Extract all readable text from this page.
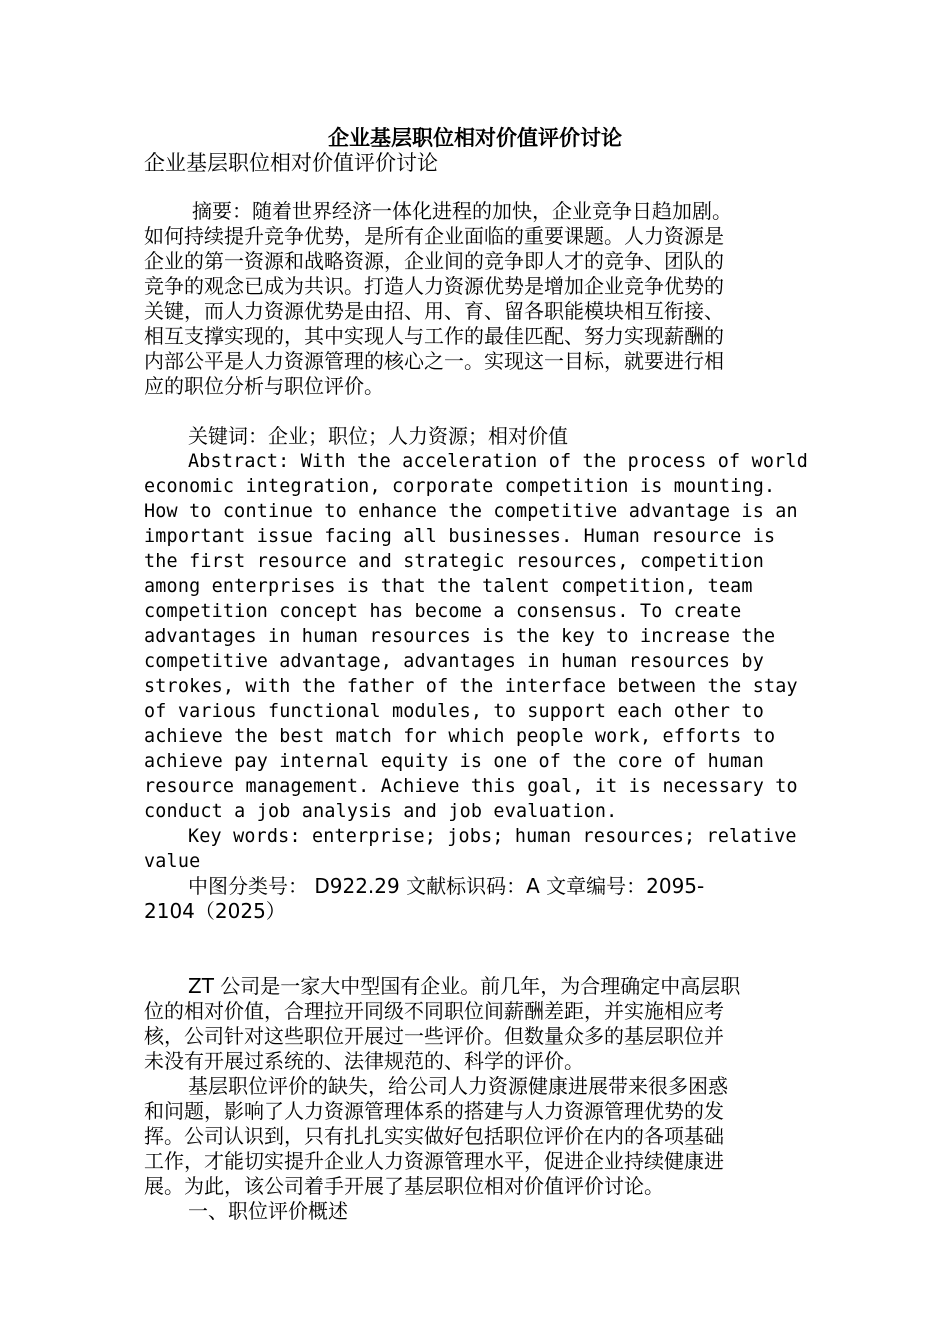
企业基层职位相对价值评价讨论
企业基层职位相对价值评价讨论
　摘要：随着世界经济一体化进程的加快，企业竞争日趋加剧。
如何持续提升竞争优势，是所有企业面临的重要课题。人力资源是
企业的第一资源和战略资源，企业间的竞争即人才的竞争、团队的
竞争的观念已成为共识。打造人力资源优势是增加企业竞争优势的
关键，而人力资源优势是由招、用、育、留各职能模块相互衔接、
相互支撑实现的，其中实现人与工作的最佳匹配、努力实现薪酬的
内部公平是人力资源管理的核心之一。实现这一目标，就要进行相
应的职位分析与职位评价。
关键词：企业；职位；人力资源；相对价值
Abstract: With the acceleration of the process of world
economic integration, corporate competition is mounting.
How to continue to enhance the competitive advantage is an
important issue facing all businesses. Human resource is
the first resource and strategic resources, competition
among enterprises is that the talent competition, team
competition concept has become a consensus. To create
advantages in human resources is the key to increase the
competitive advantage, advantages in human resources by
strokes, with the father of the interface between the stay
of various functional modules, to support each other to
achieve the best match for which people work, efforts to
achieve pay internal equity is one of the core of human
resource management. Achieve this goal, it is necessary to
conduct a job analysis and job evaluation.
Key words: enterprise; jobs; human resources; relative
value
中图分类号： D922.29 文献标识码：A 文章编号：2095-
2104（2025）
ZT 公司是一家大中型国有企业。前几年，为合理确定中高层职
位的相对价值，合理拉开同级不同职位间薪酬差距，并实施相应考
核，公司针对这些职位开展过一些评价。但数量众多的基层职位并
未没有开展过系统的、法律规范的、科学的评价。
基层职位评价的缺失，给公司人力资源健康进展带来很多困惑
和问题，影响了人力资源管理体系的搭建与人力资源管理优势的发
挥。公司认识到，只有扎扎实实做好包括职位评价在内的各项基础
工作，才能切实提升企业人力资源管理水平，促进企业持续健康进
展。为此，该公司着手开展了基层职位相对价值评价讨论。
一、职位评价概述
